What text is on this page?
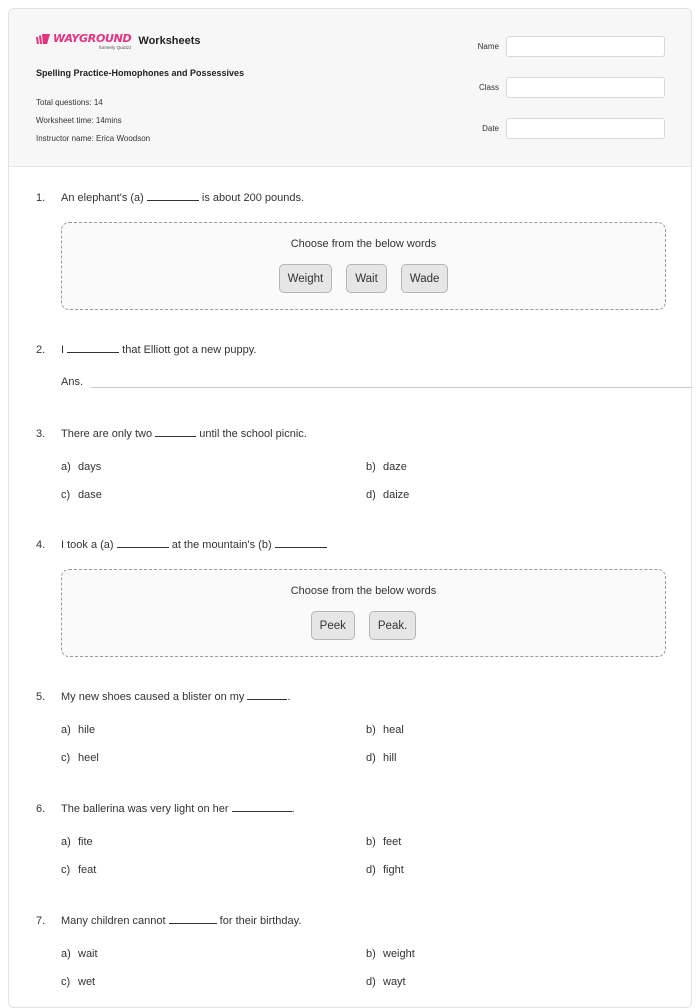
WAYGROUND
formerly Quizizz
Worksheets
Spelling Practice-Homophones and Possessives
Total questions: 14
Worksheet time: 14mins
Instructor name: Erica Woodson
Name
Class
Date
1. An elephant's (a)	is about 200 pounds.
Choose from the below words
Weight	Wait	Wade
2. I	that Elliott got a new puppy.
Ans.
3. There are only two	until the school picnic.
a) days	b) daze
c) dase	d) daize
4. I took a (a)	at the mountain's (b)
Choose from the below words
Peek	Peak.
5. My new shoes caused a blister on my	.
a) hile	b) heal
c) heel	d) hill
6. The ballerina was very light on her	.
a) fite	b) feet
c) feat	d) fight
7. Many children cannot	for their birthday.
a) wait	b) weight
c) wet	d) wayt
